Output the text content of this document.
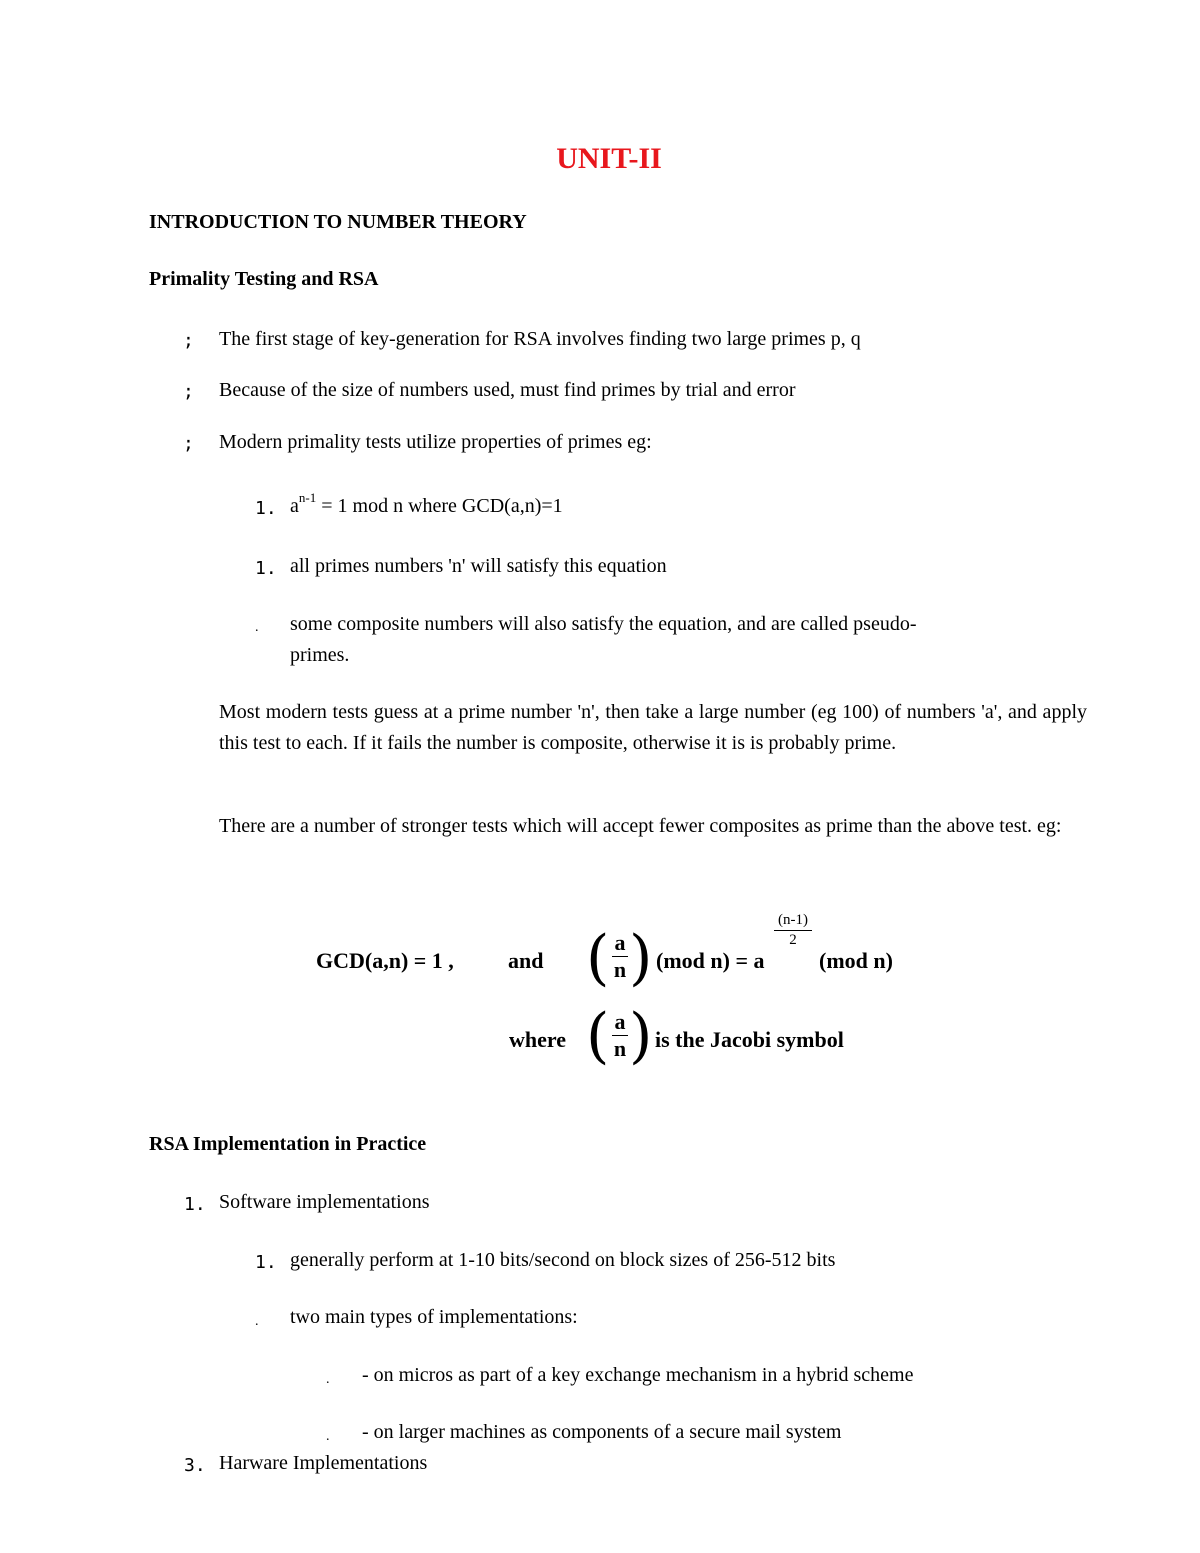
UNIT-II
INTRODUCTION TO NUMBER THEORY
Primality Testing and RSA
; The first stage of key-generation for RSA involves finding two large primes p, q
; Because of the size of numbers used, must find primes by trial and error
; Modern primality tests utilize properties of primes eg:
1. $a^{n-1} = 1$ mod n where GCD(a,n)=1
1. all primes numbers 'n' will satisfy this equation
. some composite numbers will also satisfy the equation, and are called pseudo-
primes.
Most modern tests guess at a prime number 'n', then take a large number (eg 100) of numbers 'a', and apply this test to each. If it fails the number is composite, otherwise it is is probably prime.
There are a number of stronger tests which will accept fewer composites as prime than the above test. eg:
GCD(a,n) = 1 , and ( a
n ) (mod n) = a
(n-1)
2
(mod n)
where ( a
n ) is the Jacobi symbol
RSA Implementation in Practice
1. Software implementations
1. generally perform at 1-10 bits/second on block sizes of 256-512 bits
. two main types of implementations:
. - on micros as part of a key exchange mechanism in a hybrid scheme
. - on larger machines as components of a secure mail system
3. Harware Implementations
